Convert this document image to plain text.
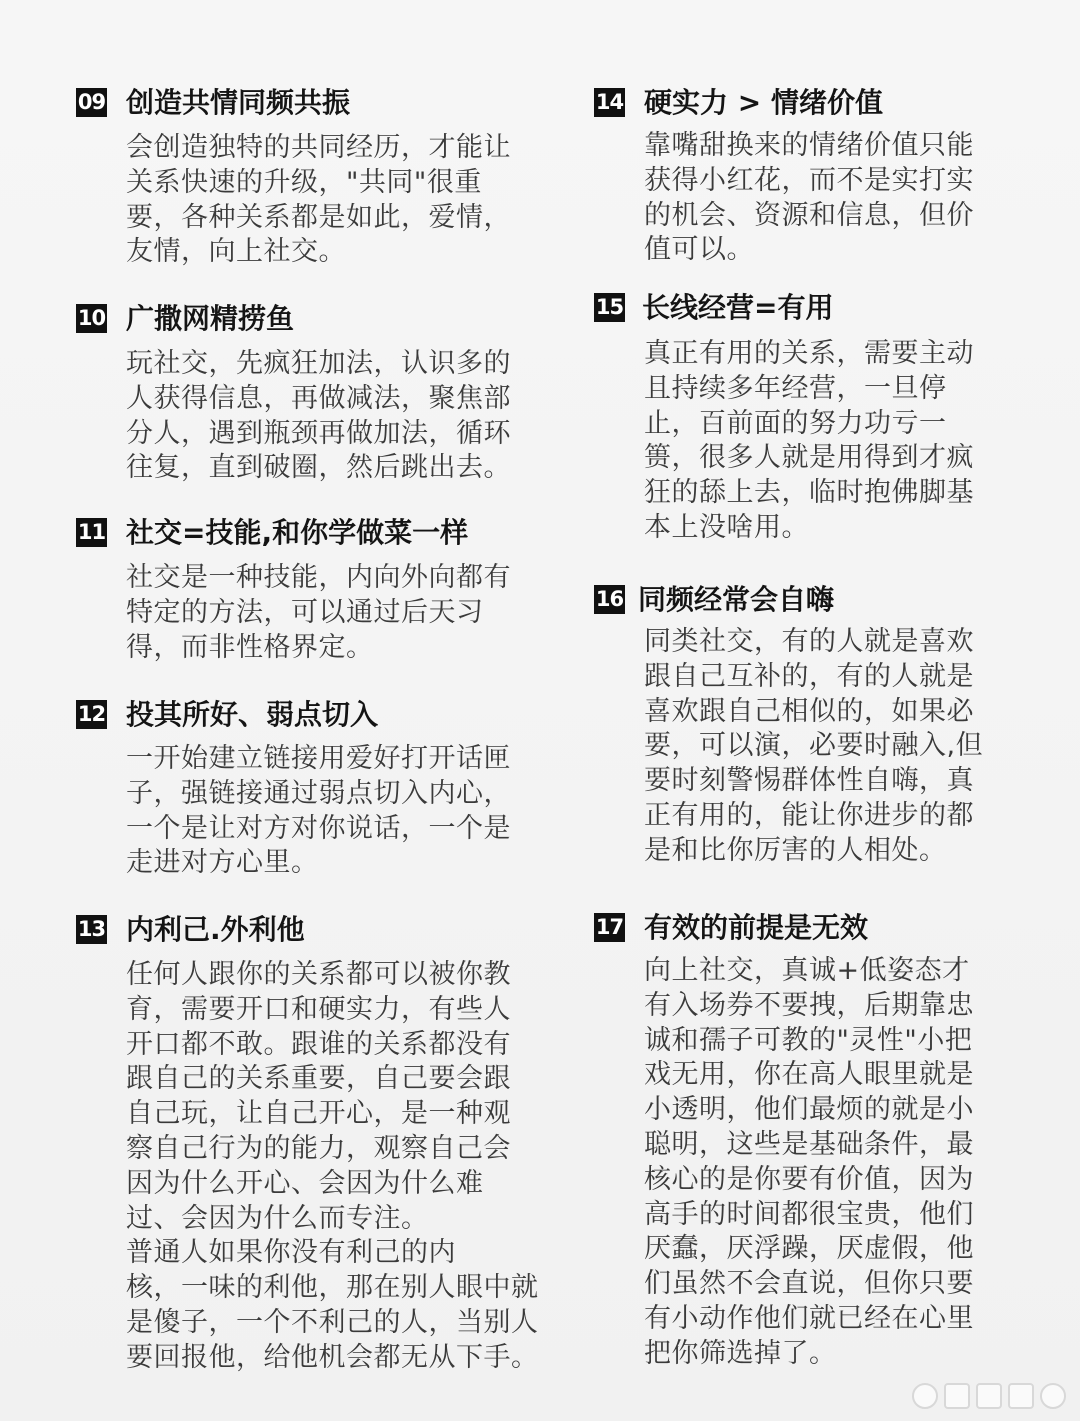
09 创造共情同频共振

会创造独特的共同经历，才能让

关系快速的升级，"共同"很重

要，各种关系都是如此，爱情，

友情，向上社交。

10 广撒网精捞鱼

玩社交，先疯狂加法，认识多的

人获得信息，再做减法，聚焦部

分人，遇到瓶颈再做加法，循环

往复，直到破圈，然后跳出去。

11 社交=技能,和你学做菜一样

社交是一种技能，内向外向都有

特定的方法，可以通过后天习

得，而非性格界定。

12 投其所好、弱点切入

一开始建立链接用爱好打开话匣

子，强链接通过弱点切入内心，

一个是让对方对你说话，一个是

走进对方心里。

13 内利己.外利他

任何人跟你的关系都可以被你教

育，需要开口和硬实力，有些人

开口都不敢。跟谁的关系都没有

跟自己的关系重要，自己要会跟

自己玩，让自己开心，是一种观

察自己行为的能力，观察自己会

因为什么开心、会因为什么难

过、会因为什么而专注。

普通人如果你没有利己的内

核，一味的利他，那在别人眼中就

是傻子，一个不利己的人，当别人

要回报他，给他机会都无从下手。

14 硬实力 > 情绪价值

靠嘴甜换来的情绪价值只能

获得小红花，而不是实打实

的机会、资源和信息，但价

值可以。

15 长线经营=有用

真正有用的关系，需要主动

且持续多年经营，一旦停

止，百前面的努力功亏一

篑，很多人就是用得到才疯

狂的舔上去，临时抱佛脚基

本上没啥用。

16 同频经常会自嗨

同类社交，有的人就是喜欢

跟自己互补的，有的人就是

喜欢跟自己相似的，如果必

要，可以演，必要时融入,但

要时刻警惕群体性自嗨，真

正有用的，能让你进步的都

是和比你厉害的人相处。

17 有效的前提是无效

向上社交，真诚+低姿态才

有入场券不要拽，后期靠忠

诚和孺子可教的"灵性"小把

戏无用，你在高人眼里就是

小透明，他们最烦的就是小

聪明，这些是基础条件，最

核心的是你要有价值，因为

高手的时间都很宝贵，他们

厌蠢，厌浮躁，厌虚假，他

们虽然不会直说，但你只要

有小动作他们就已经在心里

把你筛选掉了。
